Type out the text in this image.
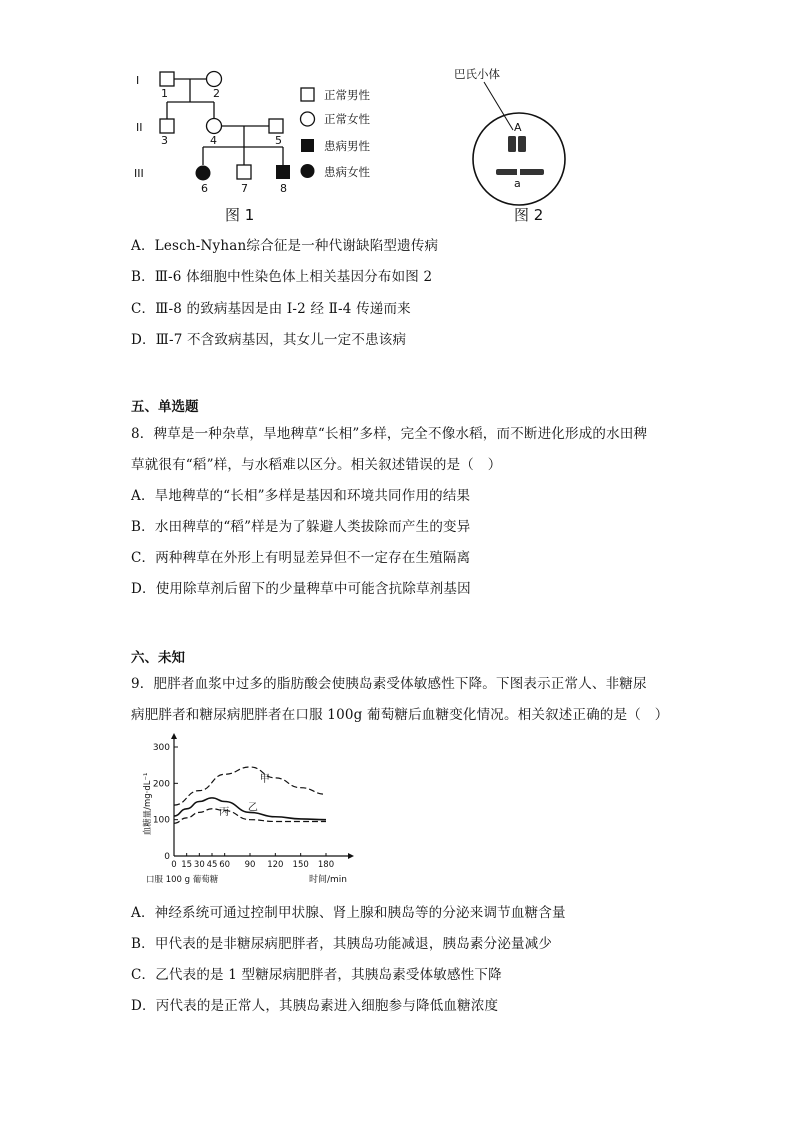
I
II
III
1	2
3	4	5
6	7	8
正常男性
正常女性
患病男性
患病女性
图 1
巴氏小体
A
a
图 2
A．Lesch-Nyhan综合征是一种代谢缺陷型遗传病
B．Ⅲ-6 体细胞中性染色体上相关基因分布如图 2
C．Ⅲ-8 的致病基因是由 Ⅰ-2 经 Ⅱ-4 传递而来
D．Ⅲ-7 不含致病基因，其女儿一定不患该病
五、单选题
8．稗草是一种杂草，旱地稗草“长相”多样，完全不像水稻，而不断进化形成的水田稗
草就很有“稻”样，与水稻难以区分。相关叙述错误的是（　）
A．旱地稗草的“长相”多样是基因和环境共同作用的结果
B．水田稗草的“稻”样是为了躲避人类拔除而产生的变异
C．两种稗草在外形上有明显差异但不一定存在生殖隔离
D．使用除草剂后留下的少量稗草中可能含抗除草剂基因
六、未知
9．肥胖者血浆中过多的脂肪酸会使胰岛素受体敏感性下降。下图表示正常人、非糖尿
病肥胖者和糖尿病肥胖者在口服 100g 葡萄糖后血糖变化情况。相关叙述正确的是（　）
0
100
200
300
0 15 30 45 60 90 120 150 180
甲
乙
丙
血糖量/mg·dL⁻¹
时间/min
口服 100 g 葡萄糖
A．神经系统可通过控制甲状腺、肾上腺和胰岛等的分泌来调节血糖含量
B．甲代表的是非糖尿病肥胖者，其胰岛功能减退，胰岛素分泌量减少
C．乙代表的是 1 型糖尿病肥胖者，其胰岛素受体敏感性下降
D．丙代表的是正常人，其胰岛素进入细胞参与降低血糖浓度
